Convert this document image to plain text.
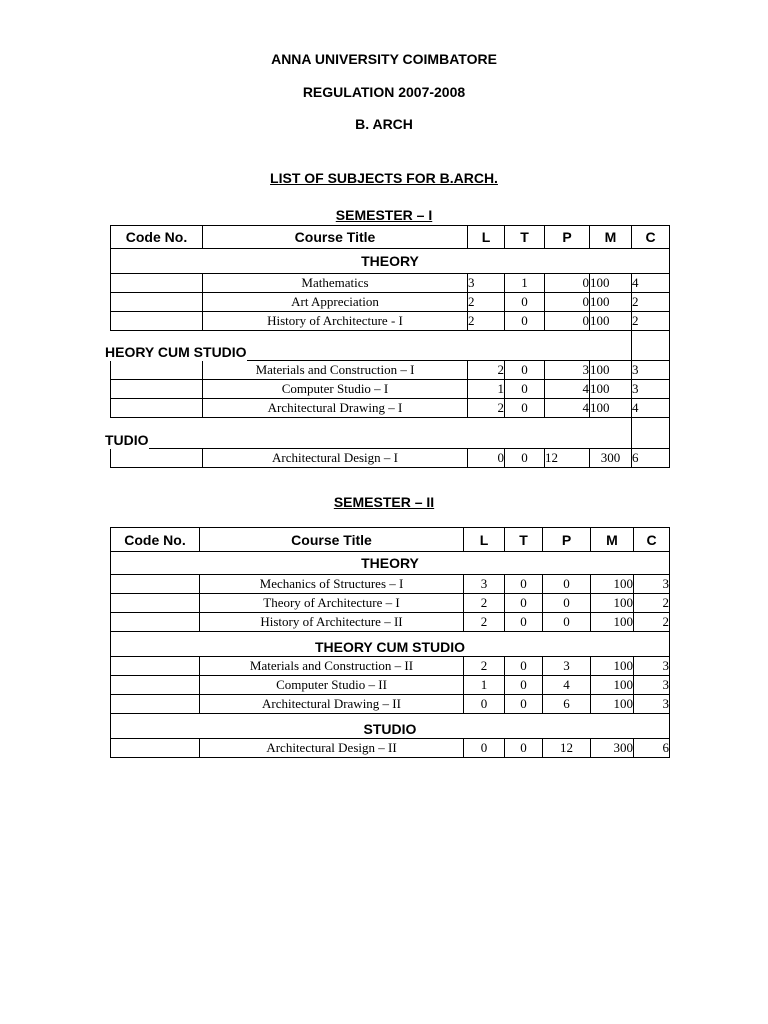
ANNA UNIVERSITY COIMBATORE
REGULATION 2007-2008
B. ARCH
LIST OF SUBJECTS FOR B.ARCH.
SEMESTER – I
Code No.	Course Title	L	T	P	M	C
THEORY						
	Mathematics	3	1	0	100	4
	Art Appreciation	2	0	0	100	2
	History of Architecture - I	2	0	0	100	2

HEORY CUM STUDIO						

	Materials and Construction – I	2	0	3	100	3
	Computer Studio – I	1	0	4	100	3
	Architectural Drawing – I	2	0	4	100	4

TUDIO						

	Architectural Design – I	0	0	12	300	6
SEMESTER – II
Code No.	Course Title	L	T	P	M	C
THEORY						
	Mechanics of Structures – I	3	0	0	100	3
	Theory of Architecture – I	2	0	0	100	2
	History of Architecture – II	2	0	0	100	2
THEORY CUM STUDIO						
	Materials and Construction – II	2	0	3	100	3
	Computer Studio – II	1	0	4	100	3
	Architectural Drawing – II	0	0	6	100	3
STUDIO						
	Architectural Design – II	0	0	12	300	6
